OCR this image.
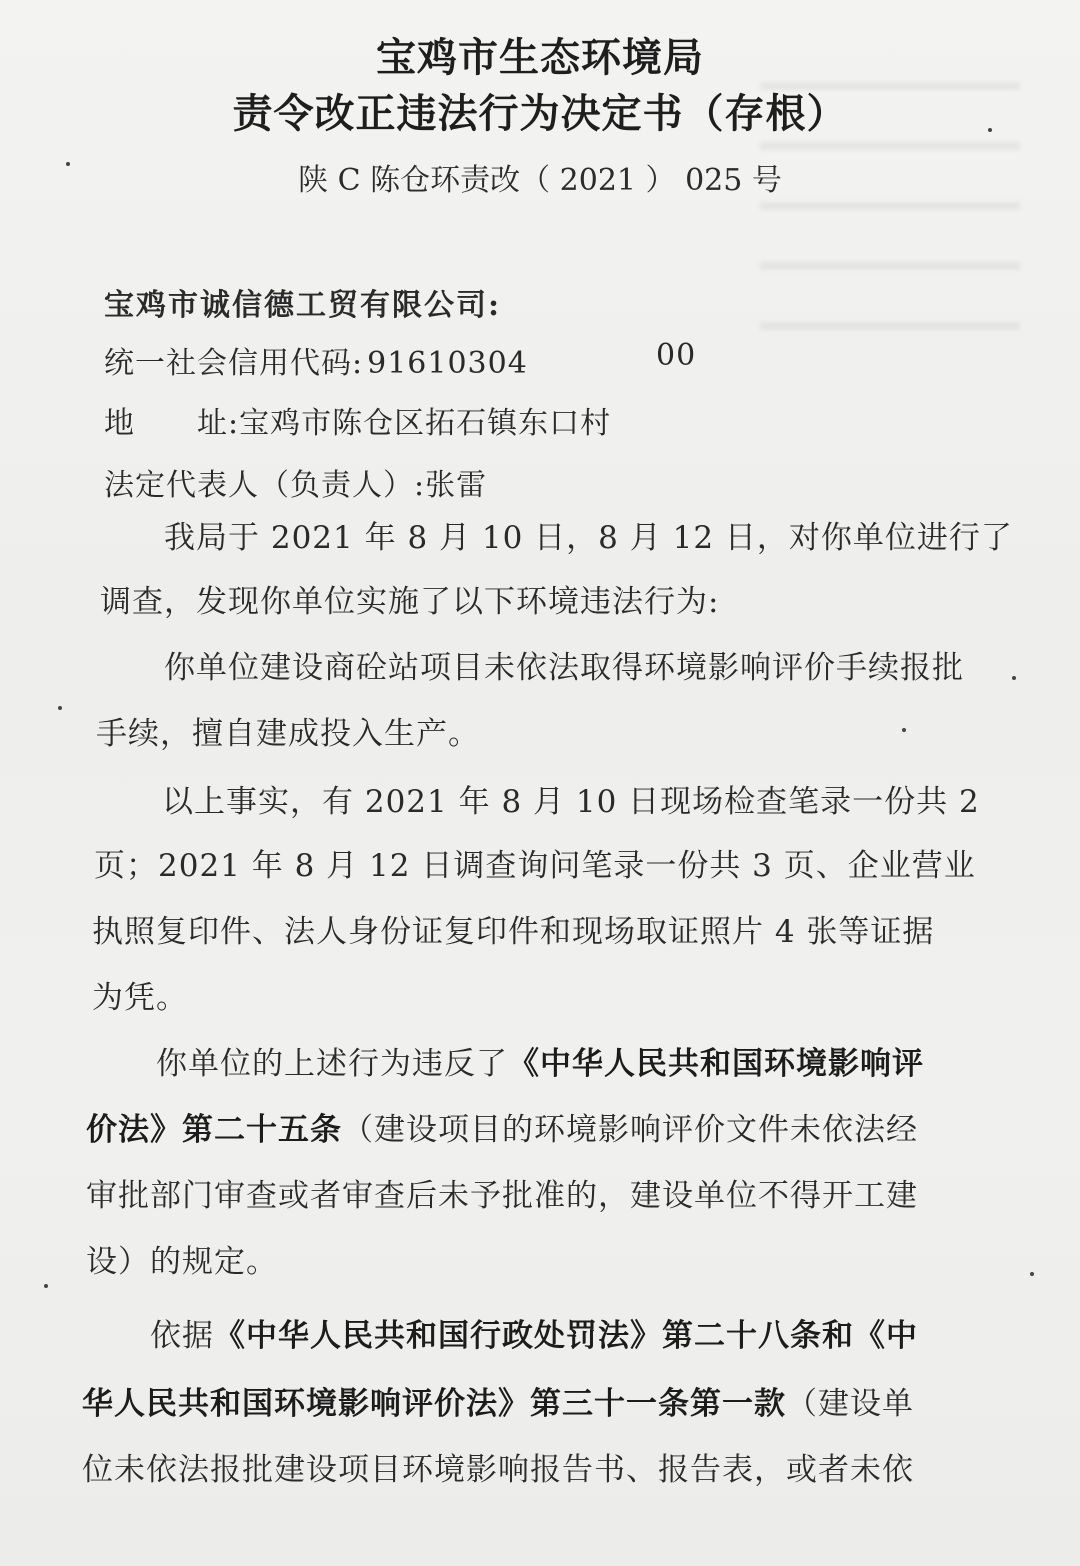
宝鸡市生态环境局
责令改正违法行为决定书（存根）
陕 C 陈仓环责改（ 2021 ） 025 号
宝鸡市诚信德工贸有限公司:
统一社会信用代码: 91610304	00
地 址:宝鸡市陈仓区拓石镇东口村
法定代表人（负责人）:张雷
我局于 2021 年 8 月 10 日，8 月 12 日，对你单位进行了
调查，发现你单位实施了以下环境违法行为:
你单位建设商砼站项目未依法取得环境影响评价手续报批
手续，擅自建成投入生产。
以上事实，有 2021 年 8 月 10 日现场检查笔录一份共 2
页；2021 年 8 月 12 日调查询问笔录一份共 3 页、企业营业
执照复印件、法人身份证复印件和现场取证照片 4 张等证据
为凭。
你单位的上述行为违反了《中华人民共和国环境影响评
价法》第二十五条（建设项目的环境影响评价文件未依法经
审批部门审查或者审查后未予批准的，建设单位不得开工建
设）的规定。
依据《中华人民共和国行政处罚法》第二十八条和《中
华人民共和国环境影响评价法》第三十一条第一款（建设单
位未依法报批建设项目环境影响报告书、报告表，或者未依
